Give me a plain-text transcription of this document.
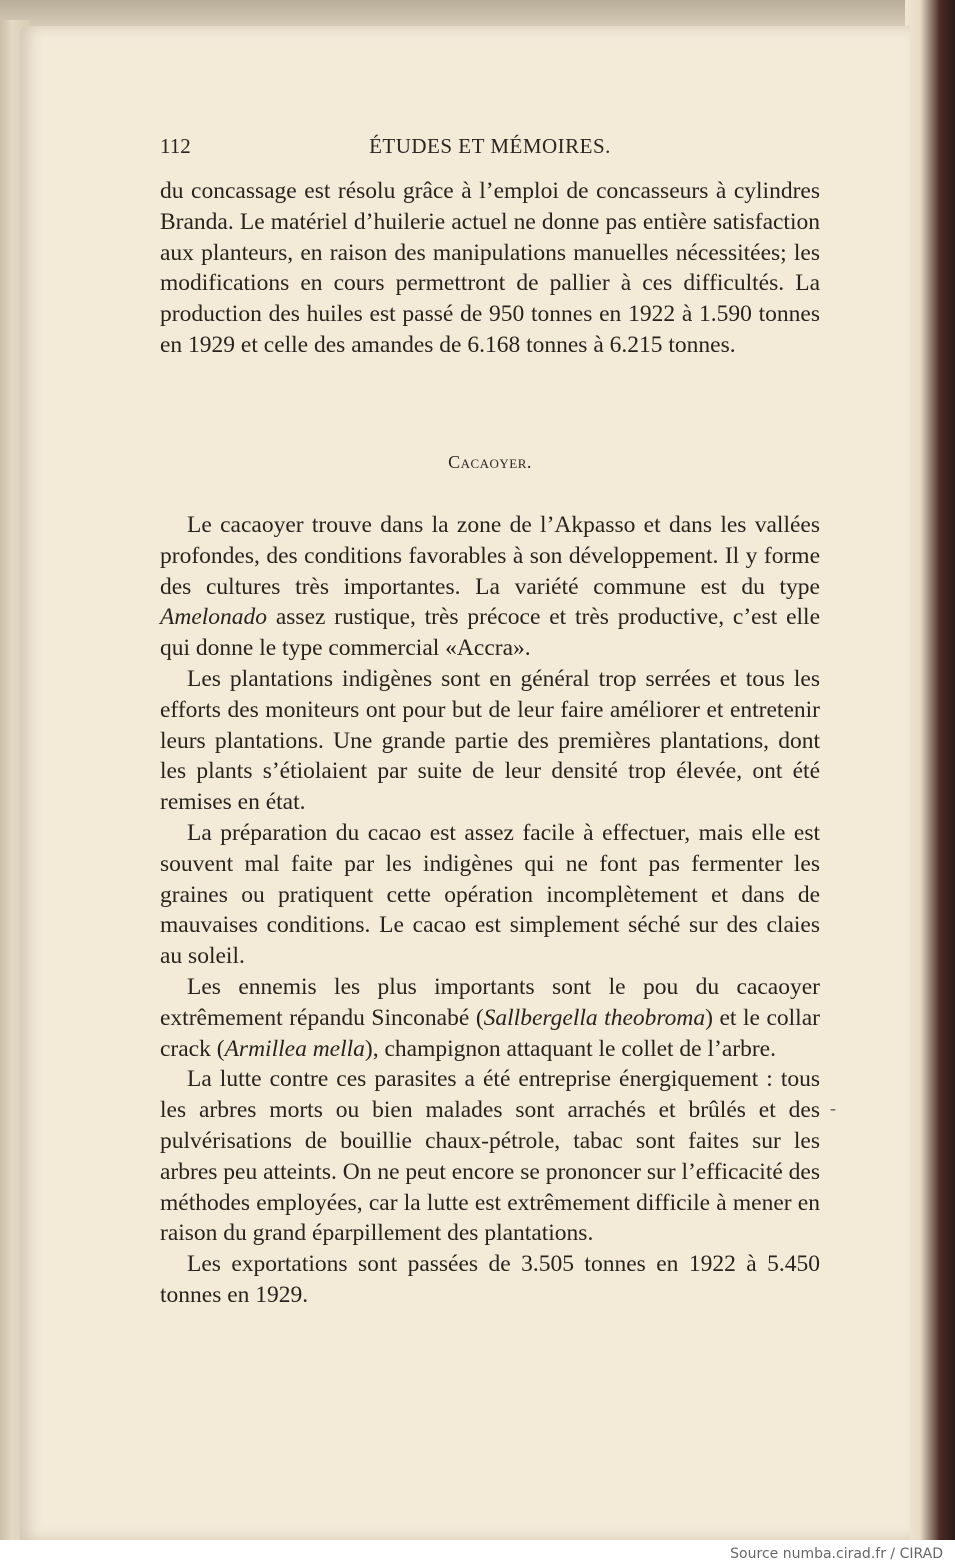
112	ÉTUDES ET MÉMOIRES.

du concassage est résolu grâce à l’emploi de concasseurs à cylindres Branda. Le matériel d’huilerie actuel ne donne pas entière satisfaction aux planteurs, en raison des manipulations manuelles nécessitées; les modifications en cours permettront de pallier à ces difficultés. La production des huiles est passé de 950 tonnes en 1922 à 1.590 tonnes en 1929 et celle des amandes de 6.168 tonnes à 6.215 tonnes.

Cacaoyer.

Le cacaoyer trouve dans la zone de l’Akpasso et dans les vallées profondes, des conditions favorables à son développement. Il y forme des cultures très importantes. La variété commune est du type Amelonado assez rustique, très précoce et très productive, c’est elle qui donne le type commercial «Accra».

Les plantations indigènes sont en général trop serrées et tous les efforts des moniteurs ont pour but de leur faire améliorer et entretenir leurs plantations. Une grande partie des premières plantations, dont les plants s’étiolaient par suite de leur densité trop élevée, ont été remises en état.

La préparation du cacao est assez facile à effectuer, mais elle est souvent mal faite par les indigènes qui ne font pas fermenter les graines ou pratiquent cette opération incomplètement et dans de mauvaises conditions. Le cacao est simplement séché sur des claies au soleil.

Les ennemis les plus importants sont le pou du cacaoyer extrêmement répandu Sinconabé (Sallbergella theobroma) et le collar crack (Armillea mella), champignon attaquant le collet de l’arbre.

La lutte contre ces parasites a été entreprise énergiquement : tous les arbres morts ou bien malades sont arrachés et brûlés et des pulvérisations de bouillie chaux-pétrole, tabac sont faites sur les arbres peu atteints. On ne peut encore se prononcer sur l’efficacité des méthodes employées, car la lutte est extrêmement difficile à mener en raison du grand éparpillement des plantations.

Les exportations sont passées de 3.505 tonnes en 1922 à 5.450 tonnes en 1929.

-
Source numba.cirad.fr / CIRAD
